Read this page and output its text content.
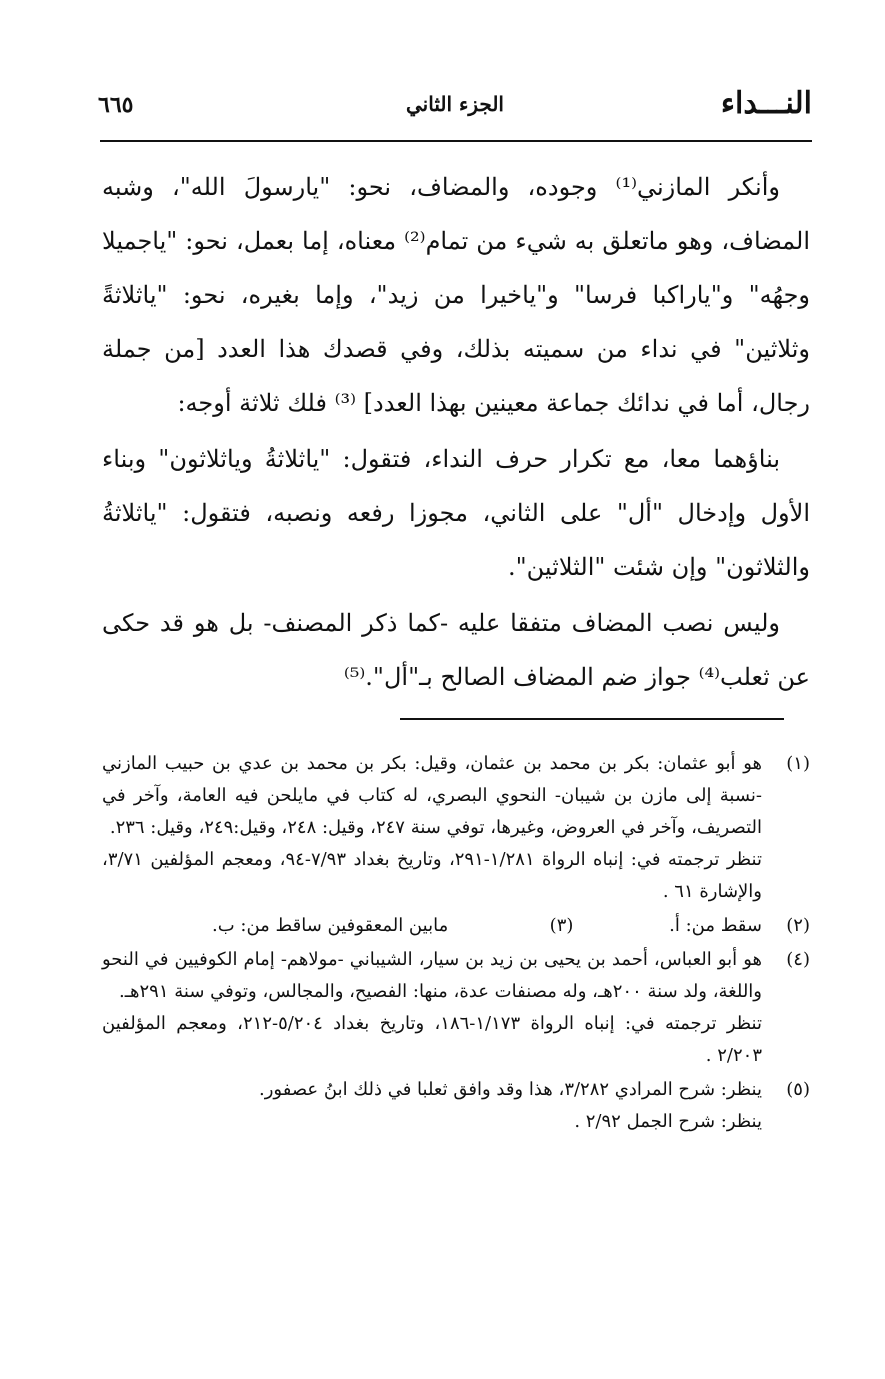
النـــداء
الجزء الثاني
٦٦٥

وأنكر المازني⁽¹⁾ وجوده، والمضاف، نحو: "يارسولَ الله"، وشبه المضاف، وهو ماتعلق به شيء من تمام⁽²⁾ معناه، إما بعمل، نحو: "ياجميلا وجهُه" و"ياراكبا فرسا" و"ياخيرا من زيد"، وإما بغيره، نحو: "ياثلاثةً وثلاثين" في نداء من سميته بذلك، وفي قصدك هذا العدد [من جملة رجال، أما في ندائك جماعة معينين بهذا العدد] ⁽³⁾ فلك ثلاثة أوجه:

بناؤهما معا، مع تكرار حرف النداء، فتقول: "ياثلاثةُ وياثلاثون" وبناء الأول وإدخال "أل" على الثاني، مجوزا رفعه ونصبه، فتقول: "ياثلاثةُ والثلاثون" وإن شئت "الثلاثين".

وليس نصب المضاف متفقا عليه -كما ذكر المصنف- بل هو قد حكى عن ثعلب⁽⁴⁾ جواز ضم المضاف الصالح بـ"أل".⁽⁵⁾

(١)

هو أبو عثمان: بكر بن محمد بن عثمان، وقيل: بكر بن محمد بن عدي بن حبيب المازني -نسبة إلى مازن بن شيبان- النحوي البصري، له كتاب في مايلحن فيه العامة، وآخر في التصريف، وآخر في العروض، وغيرها، توفي سنة ٢٤٧، وقيل: ٢٤٨، وقيل:٢٤٩، وقيل: ٢٣٦.

تنظر ترجمته في: إنباه الرواة ١/٢٨١-٢٩١، وتاريخ بغداد ٧/٩٣-٩٤، ومعجم المؤلفين ٣/٧١، والإشارة ٦١ .

(٢)
سقط من: أ. (٣)  مابين المعقوفين ساقط من: ب.
(٤)

هو أبو العباس، أحمد بن يحيى بن زيد بن سيار، الشيباني -مولاهم- إمام الكوفيين في النحو واللغة، ولد سنة ٢٠٠هـ، وله مصنفات عدة، منها: الفصيح، والمجالس، وتوفي سنة ٢٩١هـ.

تنظر ترجمته في: إنباه الرواة ١/١٧٣-١٨٦، وتاريخ بغداد ٥/٢٠٤-٢١٢، ومعجم المؤلفين ٢/٢٠٣ .

(٥)

ينظر: شرح المرادي ٣/٢٨٢، هذا وقد وافق ثعلبا في ذلك ابنُ عصفور.

ينظر: شرح الجمل ٢/٩٢ .
